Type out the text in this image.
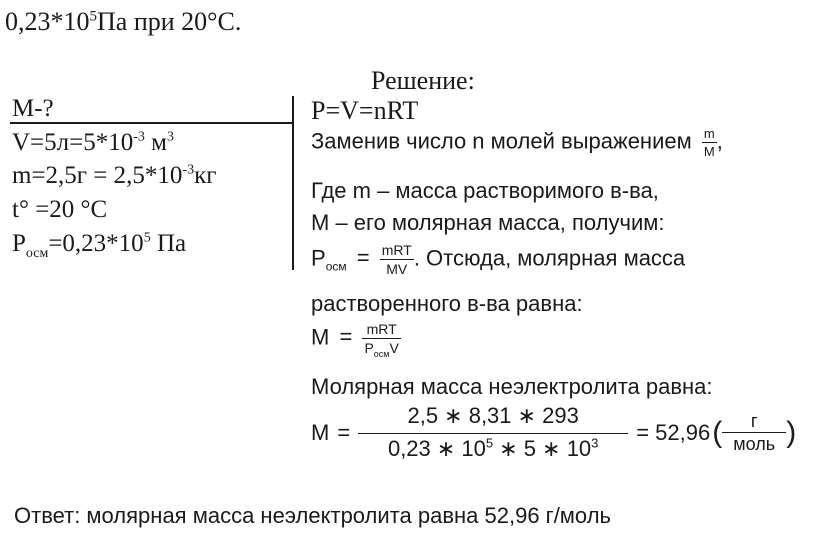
$0,23*10^5Па$ при 20°С.
М-?
$V=5л=5*10^{-3}$ $м^3$
$m=2,5г = 2,5*10^{-3}кг$
t° =20 °С
$Р_{осм}=0,23*10^5$ Па
Решение:
Р=V=nRT
Заменив число n молей выражением $\frac{m}{M}$ ,
Где m – масса растворимого в-ва,
М – его молярная масса, получим:
$Р_{осм} = \frac{\text{mRT}}{MV}$ . Отсюда, молярная масса
растворенного в-ва равна:
$М = \frac{\text{mRT}}{Р_{осм}V}$
Молярная масса неэлектролита равна:
$М = \frac{2,5 ∗ 8,31 ∗ 293}{0,23 ∗ 10^5 ∗ 5 ∗ 10^3} = 52,96$ ( $\frac{г}{\text{моль}}$ )
Ответ: молярная масса неэлектролита равна 52,96 г/моль
